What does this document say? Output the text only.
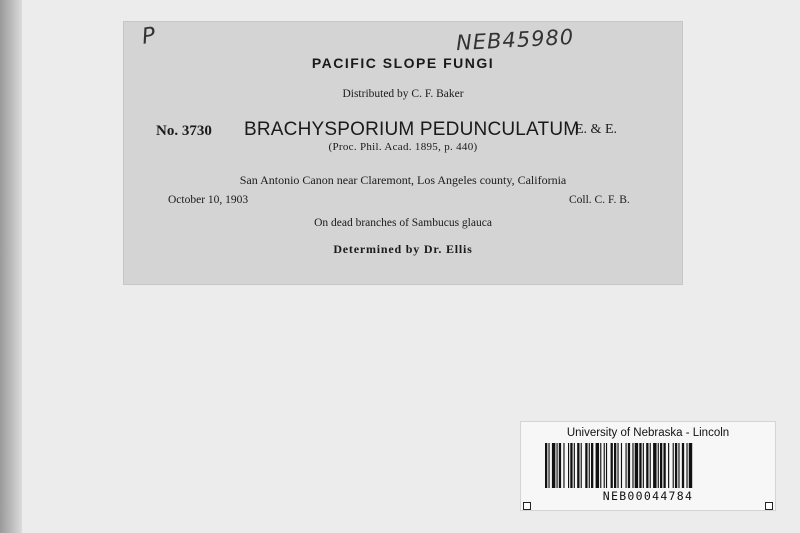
P	NEB45980
PACIFIC SLOPE FUNGI
Distributed by C. F. Baker
No. 3730 BRACHYSPORIUM PEDUNCULATUM
E. & E.
(Proc. Phil. Acad. 1895, p. 440)
San Antonio Canon near Claremont, Los Angeles county, California
October 10, 1903	Coll. C. F. B.
On dead branches of Sambucus glauca
Determined by Dr. Ellis
University of Nebraska - Lincoln
NEB00044784
